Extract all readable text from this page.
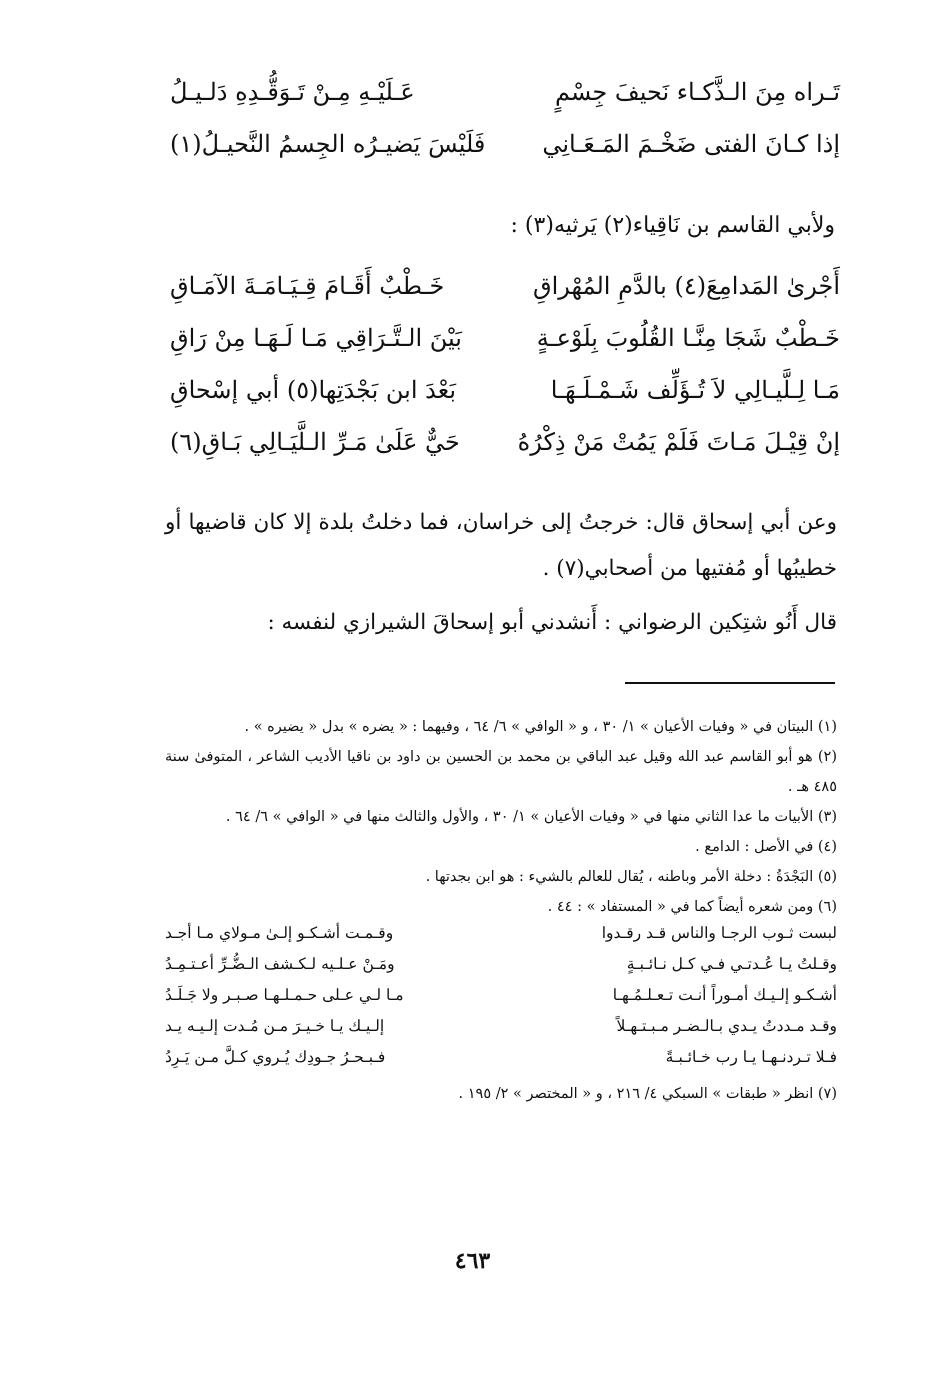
تَـراه مِنَ الـذَّكـاء نَحيفَ جِسْمٍ
عَـلَيْـهِ مِـنْ تَـوَقُّـدِهِ دَلـيـلُ
إذا كـانَ الفتى ضَخْـمَ المَـعَـانِي
فَلَيْسَ يَضيـرُه الجِسمُ النَّحيـلُ(١)
ولأبي القاسم بن نَاقِياء(٢) يَرثيه(٣) :
أَجْرىٰ المَدامِعَ(٤) بالدَّمِ المُهْراقِ
خَـطْبٌ أَقَـامَ قِـيَـامَـةَ الآمَـاقِ
خَـطْبٌ شَجَا مِنَّـا القُلُوبَ بِلَوْعـةٍ
بَيْنَ الـتَّـرَاقِي مَـا لَـهَـا مِنْ رَاقِ
مَـا لِـلَّيـالِي لاَ تُـؤَلِّف شَـمْـلَـهَـا
بَعْدَ ابن بَجْدَتِها(٥) أبي إسْحاقِ
إنْ قِيْـلَ مَـاتَ فَلَمْ يَمُتْ مَنْ ذِكْرُهُ
حَيٌّ عَلَىٰ مَـرِّ الـلَّيَـالِي بَـاقِ(٦)
وعن أبي إسحاق قال: خرجتُ إلى خراسان، فما دخلتُ بلدة إلا كان قاضيها أو خطيبُها أو مُفتيها من أصحابي(٧) .
قال أَنُو شتِكين الرضواني : أَنشدني أبو إسحاقَ الشيرازي لنفسه :
(١) البيتان في « وفيات الأعيان » ١/ ٣٠ ، و « الوافي » ٦/ ٦٤ ، وفيهما : « يضره » بدل « يضيره » .
(٢) هو أبو القاسم عبد الله وقيل عبد الباقي بن محمد بن الحسين بن داود بن ناقيا الأديب الشاعر ، المتوفىٰ سنة ٤٨٥ هـ .
(٣) الأبيات ما عدا الثاني منها في « وفيات الأعيان » ١/ ٣٠ ، والأول والثالث منها في « الوافي » ٦/ ٦٤ .
(٤) في الأصل : الدامع .
(٥) البَجْدَةُ : دخلة الأمر وباطنه ، يُقال للعالم بالشيء : هو ابن بجدتها .
(٦) ومن شعره أيضاً كما في « المستفاد » : ٤٤ .
لبست ثـوب الرجـا والناس قـد رقـدوا
وقـمـت أشـكـو إلـىٰ مـولاي مـا أجـد
وقـلتُ يـا عُـدتـي فـي كـل نـائـبـةٍ
ومَـنْ عـلـيه لـكـشف الـضُّـرِّ أعـتـمِـدُ
أشـكـو إلـيـك أمـوراً أنـت تـعـلـمُـهـا
مـا لـي عـلى حـمـلـهـا صـبـر ولا جَـلَـدُ
وقـد مـددتُ يـدي بـالـضـر مـبـتـهـلاً
إلـيـك يـا خـيـرَ مـن مُـدت إلـيـه يـد
فـلا تـردنـهـا يـا رب خـائـبـةً
فـبـحـرُ جـودِك يُـروي كـلَّ مـن يَـرِدُ
(٧) انظر « طبقات » السبكي ٤/ ٢١٦ ، و « المختصر » ٢/ ١٩٥ .
٤٦٣
